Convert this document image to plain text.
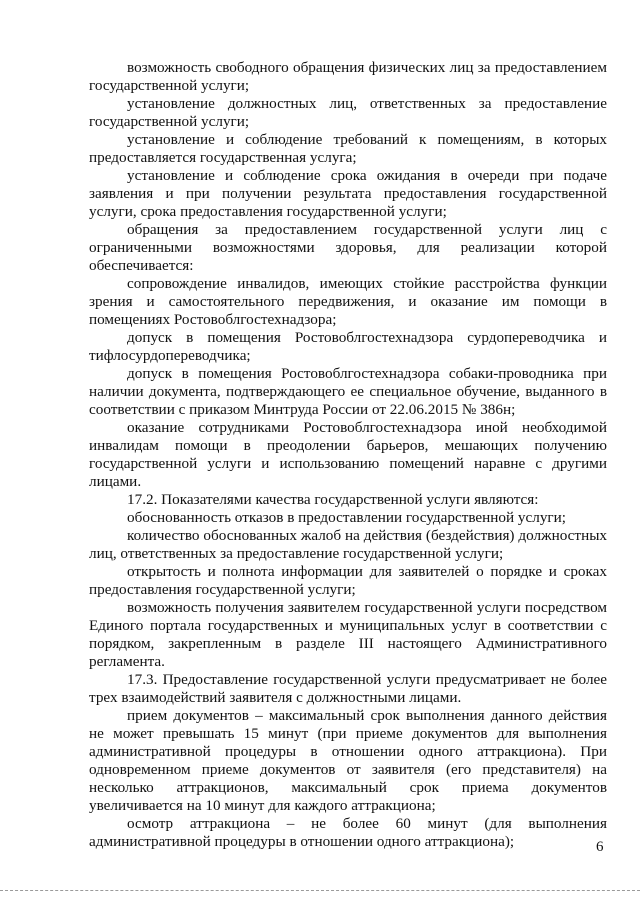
возможность свободного обращения физических лиц за предоставлением государственной услуги;

установление должностных лиц, ответственных за предоставление государственной услуги;

установление и соблюдение требований к помещениям, в которых предоставляется государственная услуга;

установление и соблюдение срока ожидания в очереди при подаче заявления и при получении результата предоставления государственной услуги, срока предоставления государственной услуги;

обращения за предоставлением государственной услуги лиц с ограниченными возможностями здоровья, для реализации которой обеспечивается:

сопровождение инвалидов, имеющих стойкие расстройства функции зрения и самостоятельного передвижения, и оказание им помощи в помещениях Ростовоблгостехнадзора;

допуск в помещения Ростовоблгостехнадзора сурдопереводчика и тифлосурдопереводчика;

допуск в помещения Ростовоблгостехнадзора собаки-проводника при наличии документа, подтверждающего ее специальное обучение, выданного в соответствии с приказом Минтруда России от 22.06.2015 № 386н;

оказание сотрудниками Ростовоблгостехнадзора иной необходимой инвалидам помощи в преодолении барьеров, мешающих получению государственной услуги и использованию помещений наравне с другими лицами.

17.2. Показателями качества государственной услуги являются:

обоснованность отказов в предоставлении государственной услуги;

количество обоснованных жалоб на действия (бездействия) должностных лиц, ответственных за предоставление государственной услуги;

открытость и полнота информации для заявителей о порядке и сроках предоставления государственной услуги;

возможность получения заявителем государственной услуги посредством Единого портала государственных и муниципальных услуг в соответствии с порядком, закрепленным в разделе III настоящего Административного регламента.

17.3. Предоставление государственной услуги предусматривает не более трех взаимодействий заявителя с должностными лицами.

прием документов – максимальный срок выполнения данного действия не может превышать 15 минут (при приеме документов для выполнения административной процедуры в отношении одного аттракциона). При одновременном приеме документов от заявителя (его представителя) на несколько аттракционов, максимальный срок приема документов увеличивается на 10 минут для каждого аттракциона;

осмотр аттракциона – не более 60 минут (для выполнения административной процедуры в отношении одного аттракциона);	6
